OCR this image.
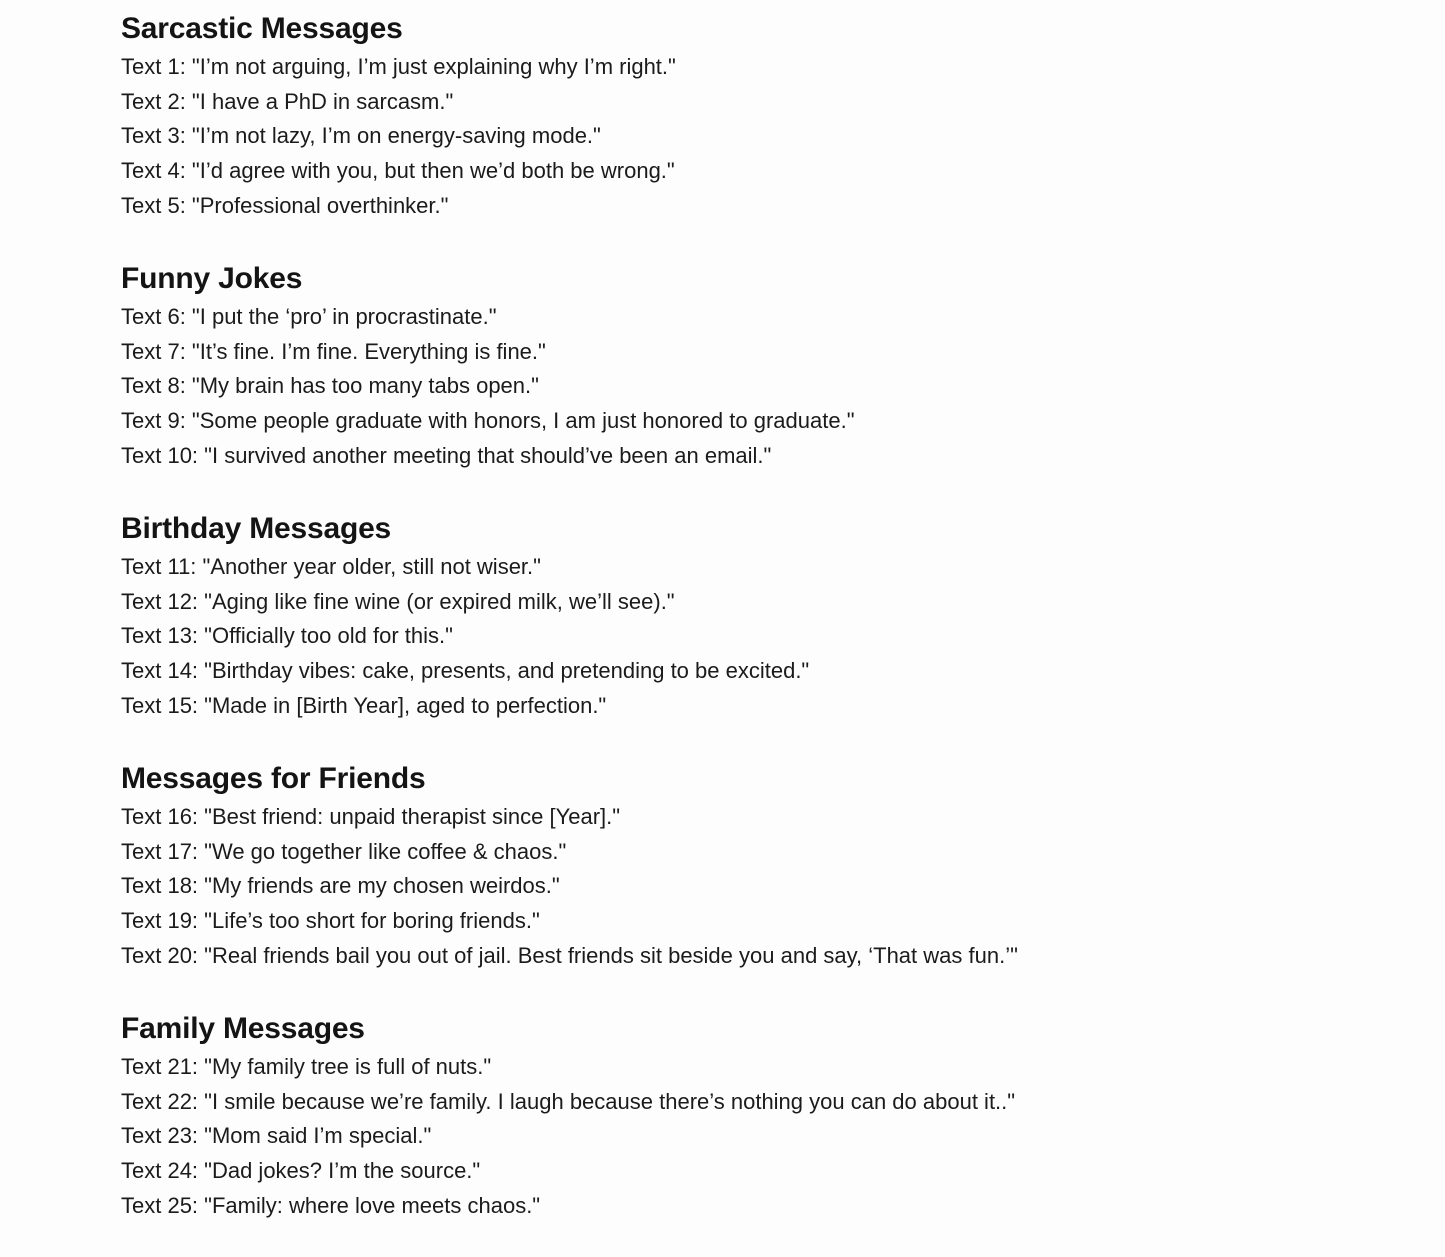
Sarcastic Messages
Text 1: "I’m not arguing, I’m just explaining why I’m right."
Text 2: "I have a PhD in sarcasm."
Text 3: "I’m not lazy, I’m on energy-saving mode."
Text 4: "I’d agree with you, but then we’d both be wrong."
Text 5: "Professional overthinker."
Funny Jokes
Text 6: "I put the ‘pro’ in procrastinate."
Text 7: "It’s fine. I’m fine. Everything is fine."
Text 8: "My brain has too many tabs open."
Text 9: "Some people graduate with honors, I am just honored to graduate."
Text 10: "I survived another meeting that should’ve been an email."
Birthday Messages
Text 11: "Another year older, still not wiser."
Text 12: "Aging like fine wine (or expired milk, we’ll see)."
Text 13: "Officially too old for this."
Text 14: "Birthday vibes: cake, presents, and pretending to be excited."
Text 15: "Made in [Birth Year], aged to perfection."
Messages for Friends
Text 16: "Best friend: unpaid therapist since [Year]."
Text 17: "We go together like coffee & chaos."
Text 18: "My friends are my chosen weirdos."
Text 19: "Life’s too short for boring friends."
Text 20: "Real friends bail you out of jail. Best friends sit beside you and say, ‘That was fun.’"
Family Messages
Text 21: "My family tree is full of nuts."
Text 22: "I smile because we’re family. I laugh because there’s nothing you can do about it.."
Text 23: "Mom said I’m special."
Text 24: "Dad jokes? I’m the source."
Text 25: "Family: where love meets chaos."
